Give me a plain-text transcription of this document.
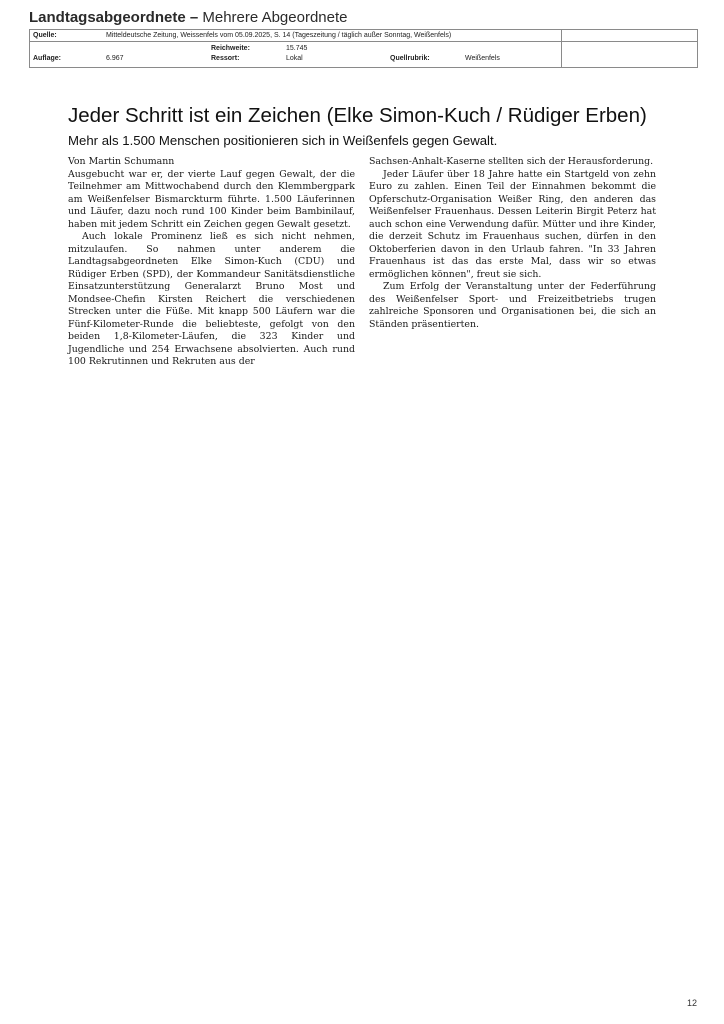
Landtagsabgeordnete – Mehrere Abgeordnete
Quelle:	Mitteldeutsche Zeitung, Weissenfels vom 05.09.2025, S. 14 (Tageszeitung / täglich außer Sonntag, Weißenfels)
Reichweite:	15.745
Auflage:	6.967	Ressort:	Lokal	Quellrubrik:	Weißenfels
Jeder Schritt ist ein Zeichen (Elke Simon-Kuch / Rüdiger Erben)
Mehr als 1.500 Menschen positionieren sich in Weißenfels gegen Gewalt.

Von Martin Schumann

Ausgebucht war er, der vierte Lauf gegen Gewalt, der die Teilnehmer am Mittwochabend durch den Klemmbergpark am Weißenfelser Bismarckturm führte. 1.500 Läuferinnen und Läufer, dazu noch rund 100 Kinder beim Bambinilauf, haben mit jedem Schritt ein Zeichen gegen Gewalt gesetzt.

Auch lokale Prominenz ließ es sich nicht nehmen, mitzulaufen. So nahmen unter anderem die Landtagsabgeordneten Elke Simon-Kuch (CDU) und Rüdiger Erben (SPD), der Kommandeur Sanitätsdienstliche Einsatzunterstützung Generalarzt Bruno Most und Mondsee-Chefin Kirsten Reichert die verschiedenen Strecken unter die Füße. Mit knapp 500 Läufern war die Fünf-Kilometer-Runde die beliebteste, gefolgt von den beiden 1,8-Kilometer-Läufen, die 323 Kinder und Jugendliche und 254 Erwachsene absolvierten. Auch rund 100 Rekrutinnen und Rekruten aus der

Sachsen-Anhalt-Kaserne stellten sich der Herausforderung.

Jeder Läufer über 18 Jahre hatte ein Startgeld von zehn Euro zu zahlen. Einen Teil der Einnahmen bekommt die Opferschutz-Organisation Weißer Ring, den anderen das Weißenfelser Frauenhaus. Dessen Leiterin Birgit Peterz hat auch schon eine Verwendung dafür. Mütter und ihre Kinder, die derzeit Schutz im Frauenhaus suchen, dürfen in den Oktoberferien davon in den Urlaub fahren. "In 33 Jahren Frauenhaus ist das das erste Mal, dass wir so etwas ermöglichen können", freut sie sich.

Zum Erfolg der Veranstaltung unter der Federführung des Weißenfelser Sport- und Freizeitbetriebs trugen zahlreiche Sponsoren und Organisationen bei, die sich an Ständen präsentierten.

12
